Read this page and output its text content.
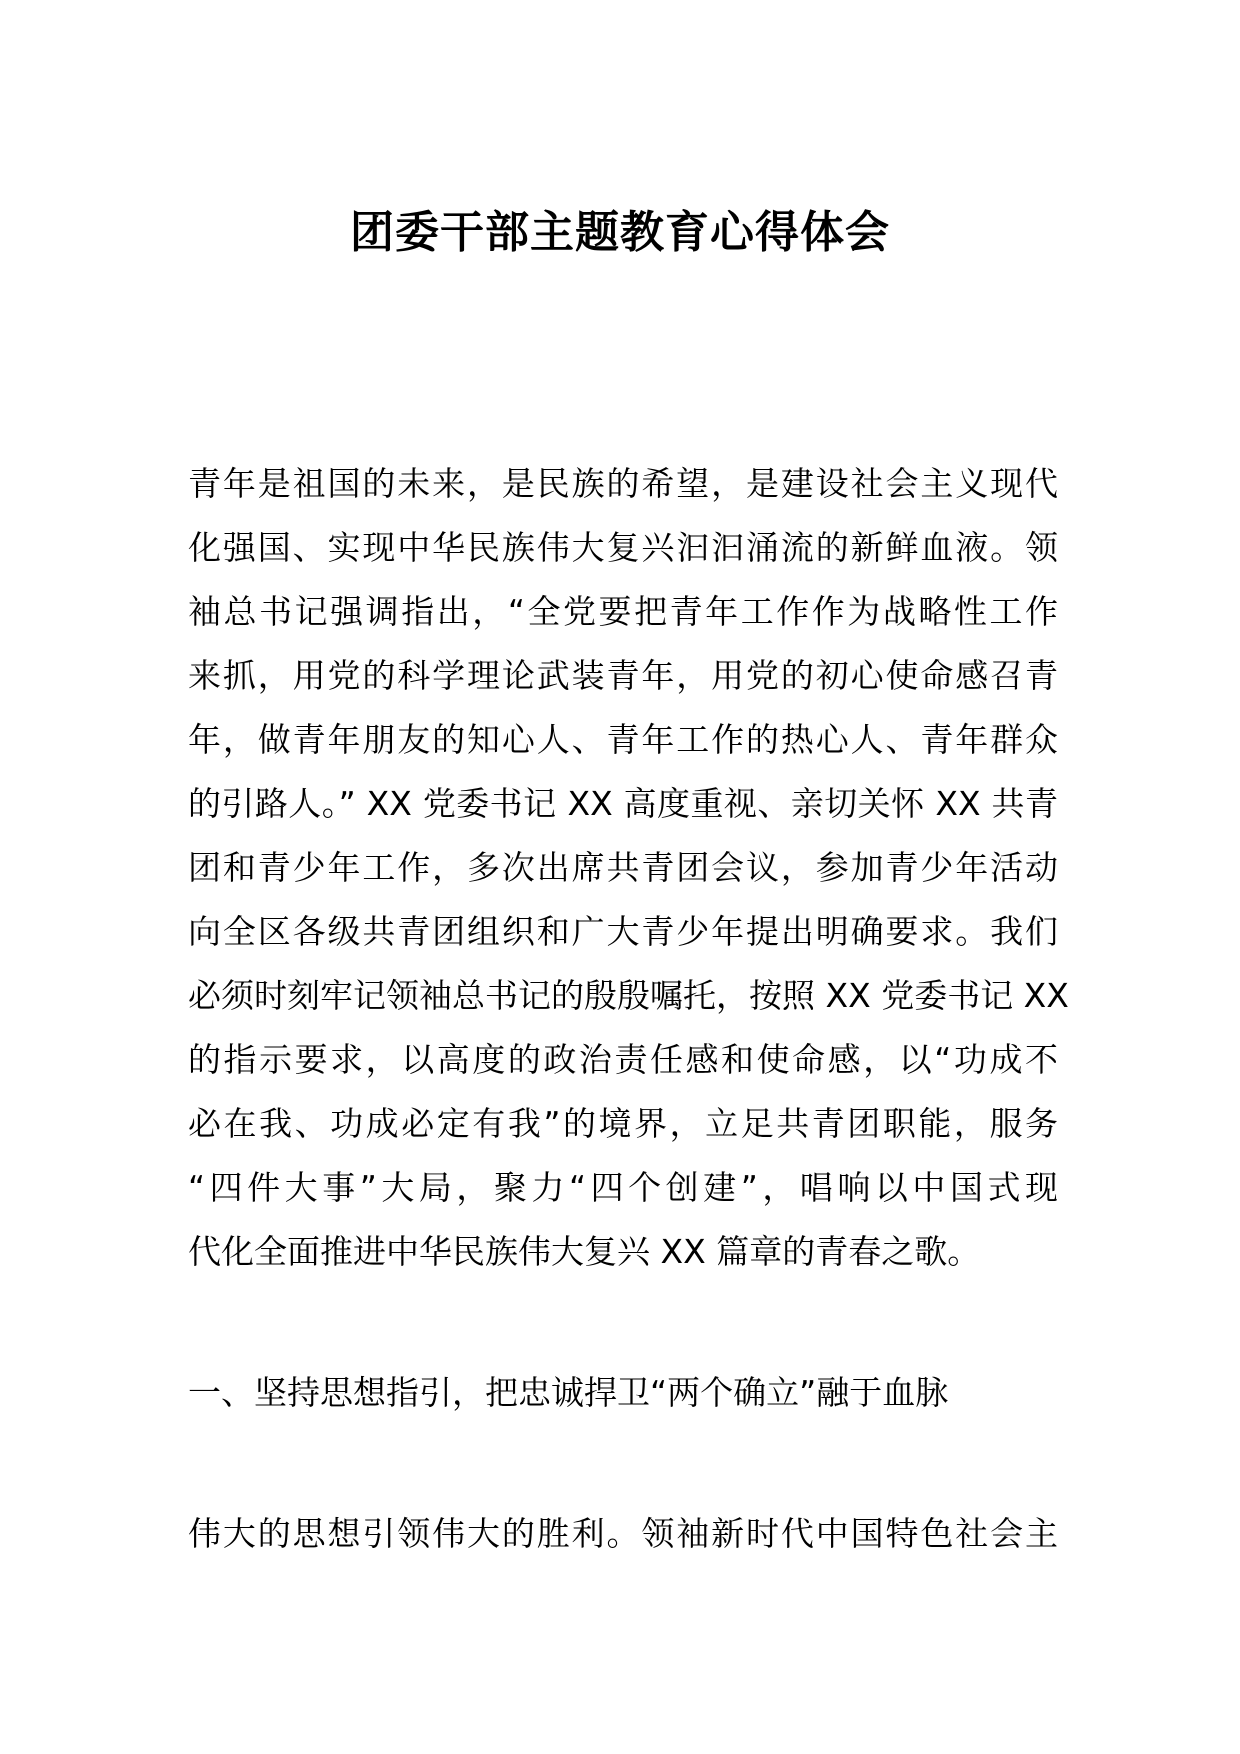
团委干部主题教育心得体会
青年是祖国的未来，是民族的希望，是建设社会主义现代
化强国、实现中华民族伟大复兴汩汩涌流的新鲜血液。领
袖总书记强调指出，“全党要把青年工作作为战略性工作
来抓，用党的科学理论武装青年，用党的初心使命感召青
年，做青年朋友的知心人、青年工作的热心人、青年群众
的引路人。” XX 党委书记 XX 高度重视、亲切关怀 XX 共青
团和青少年工作，多次出席共青团会议，参加青少年活动
向全区各级共青团组织和广大青少年提出明确要求。我们
必须时刻牢记领袖总书记的殷殷嘱托，按照 XX 党委书记 XX
的指示要求，以高度的政治责任感和使命感，以“功成不
必在我、功成必定有我”的境界，立足共青团职能，服务
“四件大事”大局，聚力“四个创建”，唱响以中国式现
代化全面推进中华民族伟大复兴 XX 篇章的青春之歌。
一、坚持思想指引，把忠诚捍卫“两个确立”融于血脉
伟大的思想引领伟大的胜利。领袖新时代中国特色社会主
